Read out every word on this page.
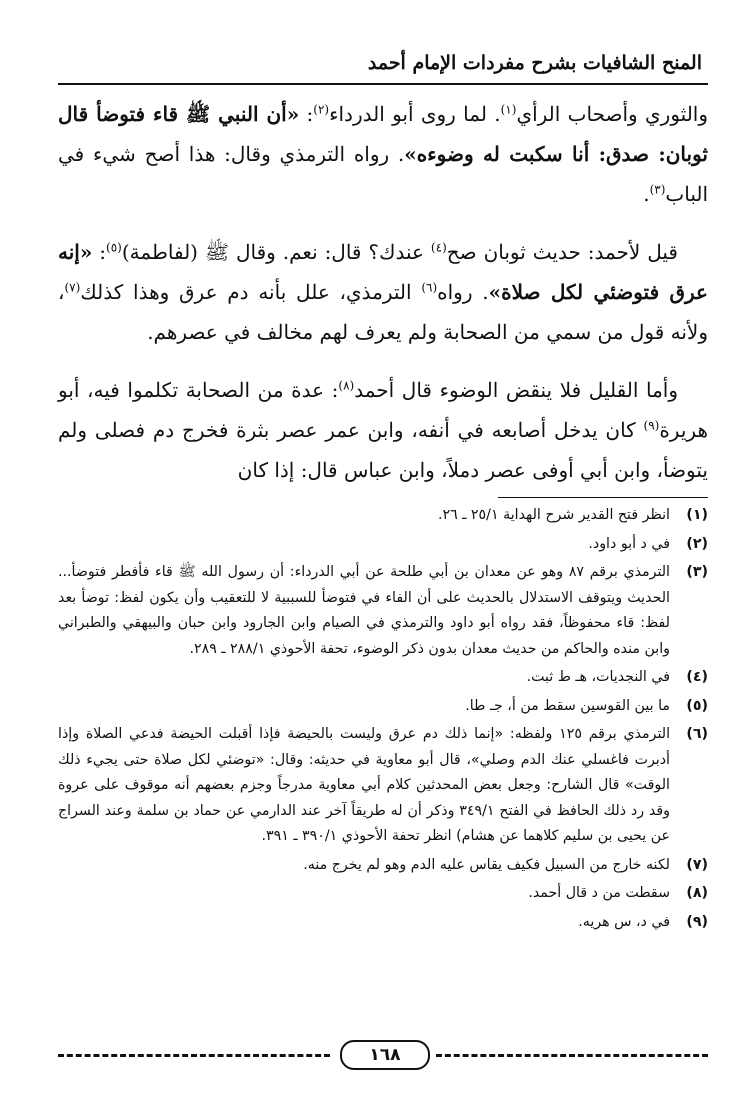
المنح الشافيات بشرح مفردات الإمام أحمد

والثوري وأصحاب الرأي$^{(١)}$. لما روى أبو الدرداء$^{(٢)}$: «أن النبي ﷺ قاء فتوضأ قال ثوبان: صدق: أنا سكبت له وضوءه». رواه الترمذي وقال: هذا أصح شيء في الباب$^{(٣)}$.

قيل لأحمد: حديث ثوبان صح$^{(٤)}$ عندك؟ قال: نعم. وقال ﷺ (لفاطمة)$^{(٥)}$: «إنه عرق فتوضئي لكل صلاة». رواه$^{(٦)}$ الترمذي، علل بأنه دم عرق وهذا كذلك$^{(٧)}$، ولأنه قول من سمي من الصحابة ولم يعرف لهم مخالف في عصرهم.

وأما القليل فلا ينقض الوضوء قال أحمد$^{(٨)}$: عدة من الصحابة تكلموا فيه، أبو هريرة$^{(٩)}$ كان يدخل أصابعه في أنفه، وابن عمر عصر بثرة فخرج دم فصلى ولم يتوضأ، وابن أبي أوفى عصر دملاً، وابن عباس قال: إذا كان

(١)
انظر فتح القدير شرح الهداية ٢٥/١ ـ ٢٦.
(٢)
في د أبو داود.
(٣)
الترمذي برقم ٨٧ وهو عن معدان بن أبي طلحة عن أبي الدرداء: أن رسول الله ﷺ قاء فأفطر فتوضأ... الحديث ويتوقف الاستدلال بالحديث على أن الفاء في فتوضأ للسببية لا للتعقيب وأن يكون لفظ: توضأ بعد لفظ: قاء محفوظاً، فقد رواه أبو داود والترمذي في الصيام وابن الجارود وابن حبان والبيهقي والطبراني وابن منده والحاكم من حديث معدان بدون ذكر الوضوء، تحفة الأحوذي ٢٨٨/١ ـ ٢٨٩.
(٤)
في النجديات، هـ ط ثبت.
(٥)
ما بين القوسين سقط من أ، جـ طا.
(٦)
الترمذي برقم ١٢٥ ولفظه: «إنما ذلك دم عرق وليست بالحيضة فإذا أقبلت الحيضة فدعي الصلاة وإذا أدبرت فاغسلي عنك الدم وصلي»، قال أبو معاوية في حديثه: وقال: «توضئي لكل صلاة حتى يجيء ذلك الوقت» قال الشارح: وجعل بعض المحدثين كلام أبي معاوية مدرجاً وجزم بعضهم أنه موقوف على عروة وقد رد ذلك الحافظ في الفتح ٣٤٩/١ وذكر أن له طريقاً آخر عند الدارمي عن حماد بن سلمة وعند السراج عن يحيى بن سليم كلاهما عن هشام) انظر تحفة الأحوذي ٣٩٠/١ ـ ٣٩١.
(٧)
لكنه خارج من السبيل فكيف يقاس عليه الدم وهو لم يخرج منه.
(٨)
سقطت من د قال أحمد.
(٩)
في د، س هريه.
١٦٨
